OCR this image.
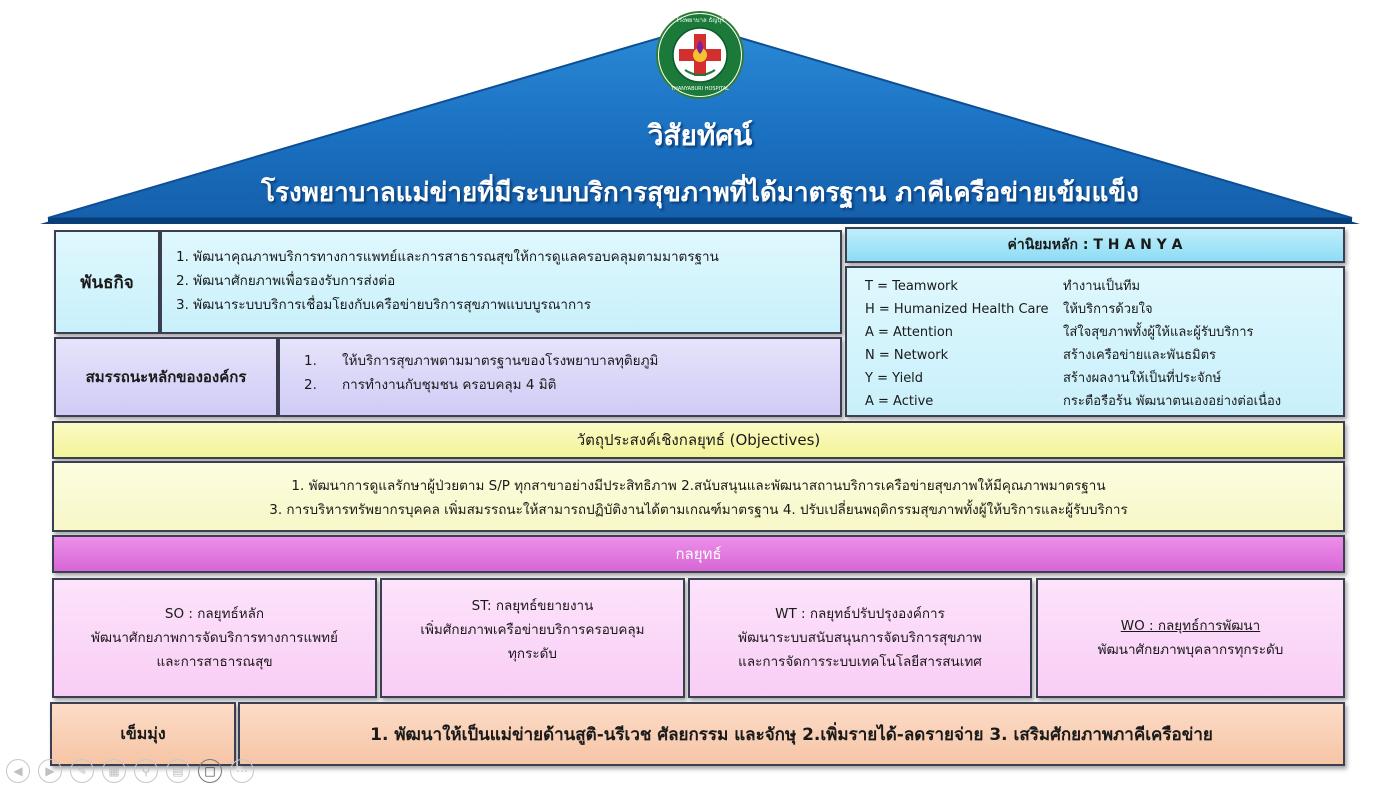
โรงพยาบาล ธัญบุรี
THANYABURI HOSPITAL
วิสัยทัศน์
โรงพยาบาลแม่ข่ายที่มีระบบบริการสุขภาพที่ได้มาตรฐาน ภาคีเครือข่ายเข้มแข็ง
พันธกิจ
1. พัฒนาคุณภาพบริการทางการแพทย์และการสาธารณสุขให้การดูแลครอบคลุมตามมาตรฐาน
2. พัฒนาศักยภาพเพื่อรองรับการส่งต่อ
3. พัฒนาระบบบริการเชื่อมโยงกับเครือข่ายบริการสุขภาพแบบบูรณาการ
สมรรถนะหลักขององค์กร
1.	ให้บริการสุขภาพตามมาตรฐานของโรงพยาบาลทุติยภูมิ
2.	การทำงานกับชุมชน ครอบคลุม 4 มิติ
ค่านิยมหลัก : T H A N Y A
T = Teamwork	ทำงานเป็นทีม
H = Humanized Health Care	ให้บริการด้วยใจ
A = Attention	ใส่ใจสุขภาพทั้งผู้ให้และผู้รับบริการ
N = Network	สร้างเครือข่ายและพันธมิตร
Y = Yield	สร้างผลงานให้เป็นที่ประจักษ์
A = Active	กระตือรือร้น พัฒนาตนเองอย่างต่อเนื่อง
วัตถุประสงค์เชิงกลยุทธ์ (Objectives)
1. พัฒนาการดูแลรักษาผู้ป่วยตาม S/P ทุกสาขาอย่างมีประสิทธิภาพ 2.สนับสนุนและพัฒนาสถานบริการเครือข่ายสุขภาพให้มีคุณภาพมาตรฐาน
3. การบริหารทรัพยากรบุคคล เพิ่มสมรรถนะให้สามารถปฏิบัติงานได้ตามเกณฑ์มาตรฐาน 4. ปรับเปลี่ยนพฤติกรรมสุขภาพทั้งผู้ให้บริการและผู้รับบริการ
กลยุทธ์
SO : กลยุทธ์หลัก
พัฒนาศักยภาพการจัดบริการทางการแพทย์
และการสาธารณสุข
ST: กลยุทธ์ขยายงาน
เพิ่มศักยภาพเครือข่ายบริการครอบคลุม
ทุกระดับ
WT : กลยุทธ์ปรับปรุงองค์การ
พัฒนาระบบสนับสนุนการจัดบริการสุขภาพ
และการจัดการระบบเทคโนโลยีสารสนเทศ
WO : กลยุทธ์การพัฒนา
พัฒนาศักยภาพบุคลากรทุกระดับ
เข็มมุ่ง	1. พัฒนาให้เป็นแม่ข่ายด้านสูติ-นรีเวช ศัลยกรรม และจักษุ 2.เพิ่มรายได้-ลดรายจ่าย 3. เสริมศักยภาพภาคีเครือข่าย
◀	▶	✎	▦	⚲	▤	□	⋯
